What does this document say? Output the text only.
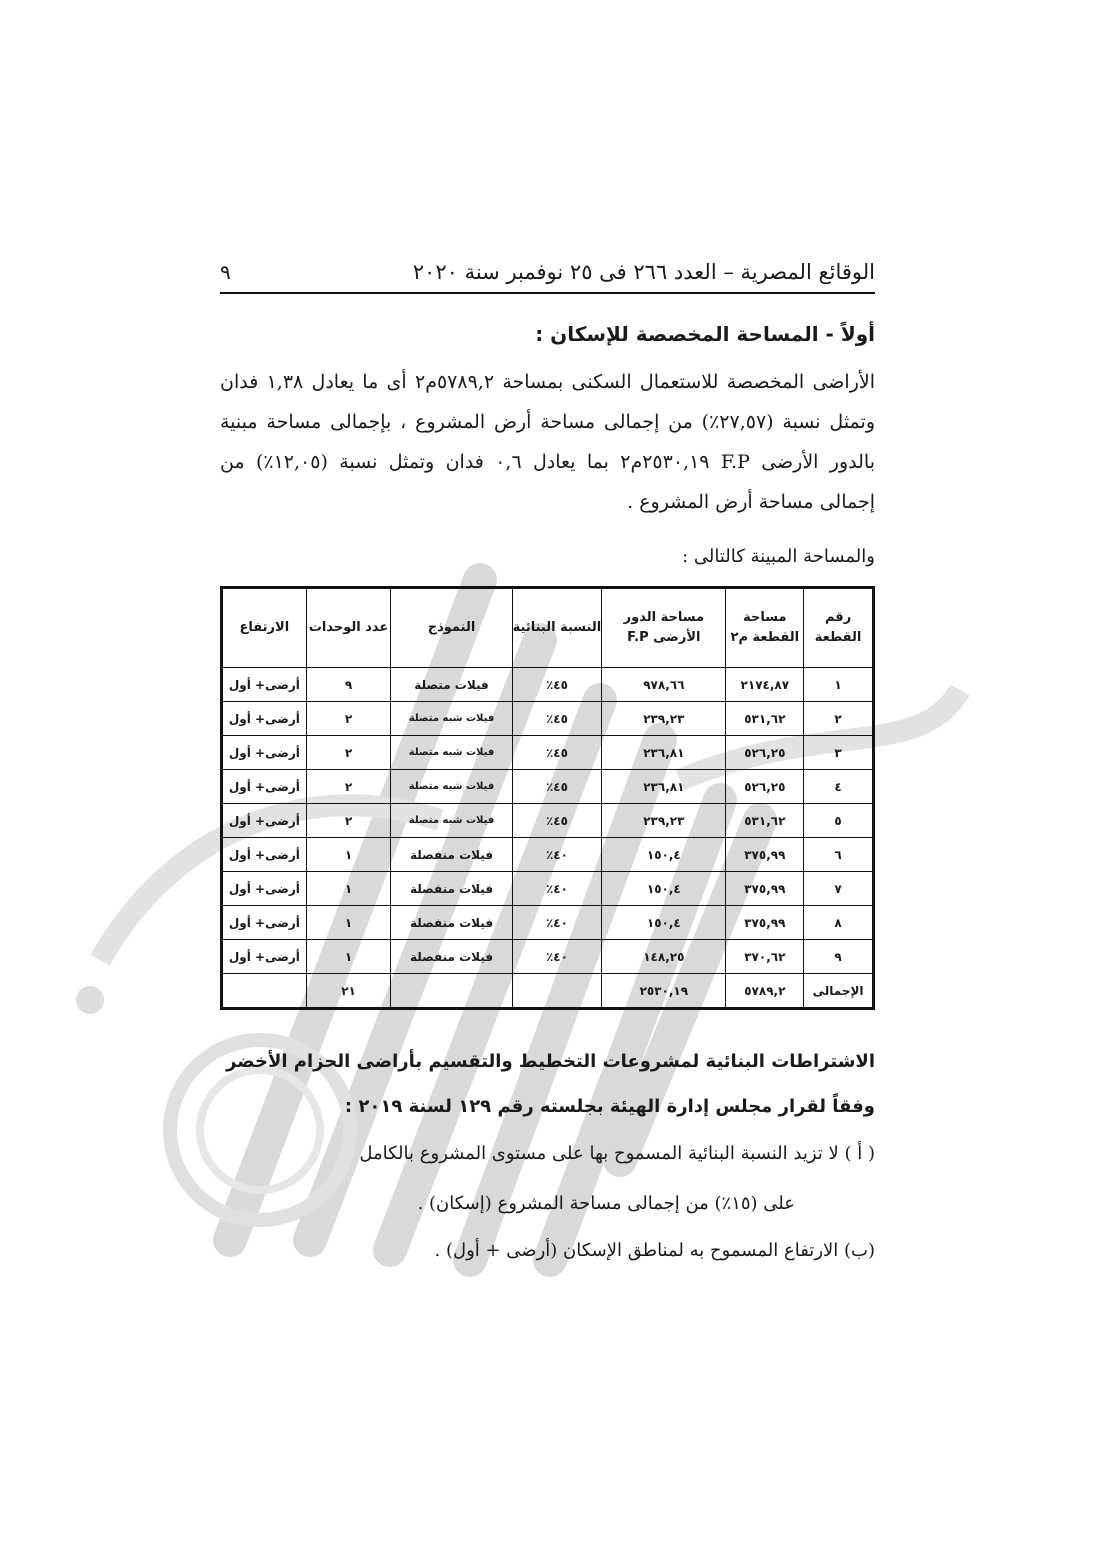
الوقائع المصرية – العدد ٢٦٦ فى ٢٥ نوفمبر سنة ٢٠٢٠
٩
أولاً - المساحة المخصصة للإسكان :
الأراضى المخصصة للاستعمال السكنى بمساحة ٥٧٨٩,٢م٢ أى ما يعادل ١,٣٨ فدان وتمثل نسبة (٢٧,٥٧٪) من إجمالى مساحة أرض المشروع ، بإجمالى مساحة مبنية بالدور الأرضى F.P ٢٥٣٠,١٩م٢ بما يعادل ٠,٦ فدان وتمثل نسبة (١٢,٠٥٪) من إجمالى مساحة أرض المشروع .
والمساحة المبينة كالتالى :
رقم القطعة	مساحة القطعة م٢	مساحة الدور الأرضى F.P	النسبة البنائية	النموذج	عدد الوحدات	الارتفاع
١	٢١٧٤,٨٧	٩٧٨,٦٦	٤٥٪	فيلات متصلة	٩	أرضى+ أول
٢	٥٣١,٦٢	٢٣٩,٢٣	٤٥٪	فيلات شبه متصلة	٢	أرضى+ أول
٣	٥٢٦,٢٥	٢٣٦,٨١	٤٥٪	فيلات شبه متصلة	٢	أرضى+ أول
٤	٥٢٦,٢٥	٢٣٦,٨١	٤٥٪	فيلات شبه متصلة	٢	أرضى+ أول
٥	٥٣١,٦٢	٢٣٩,٢٣	٤٥٪	فيلات شبه متصلة	٢	أرضى+ أول
٦	٣٧٥,٩٩	١٥٠,٤	٤٠٪	فيلات منفصلة	١	أرضى+ أول
٧	٣٧٥,٩٩	١٥٠,٤	٤٠٪	فيلات منفصلة	١	أرضى+ أول
٨	٣٧٥,٩٩	١٥٠,٤	٤٠٪	فيلات منفصلة	١	أرضى+ أول
٩	٣٧٠,٦٢	١٤٨,٢٥	٤٠٪	فيلات منفصلة	١	أرضى+ أول
الإجمالى	٥٧٨٩,٢	٢٥٣٠,١٩			٢١	
الاشتراطات البنائية لمشروعات التخطيط والتقسيم بأراضى الحزام الأخضر
وفقاً لقرار مجلس إدارة الهيئة بجلسته رقم ١٢٩ لسنة ٢٠١٩ :
( أ ) لا تزيد النسبة البنائية المسموح بها على مستوى المشروع بالكامل
على (١٥٪) من إجمالى مساحة المشروع (إسكان) .
(ب) الارتفاع المسموح به لمناطق الإسكان (أرضى + أول) .
